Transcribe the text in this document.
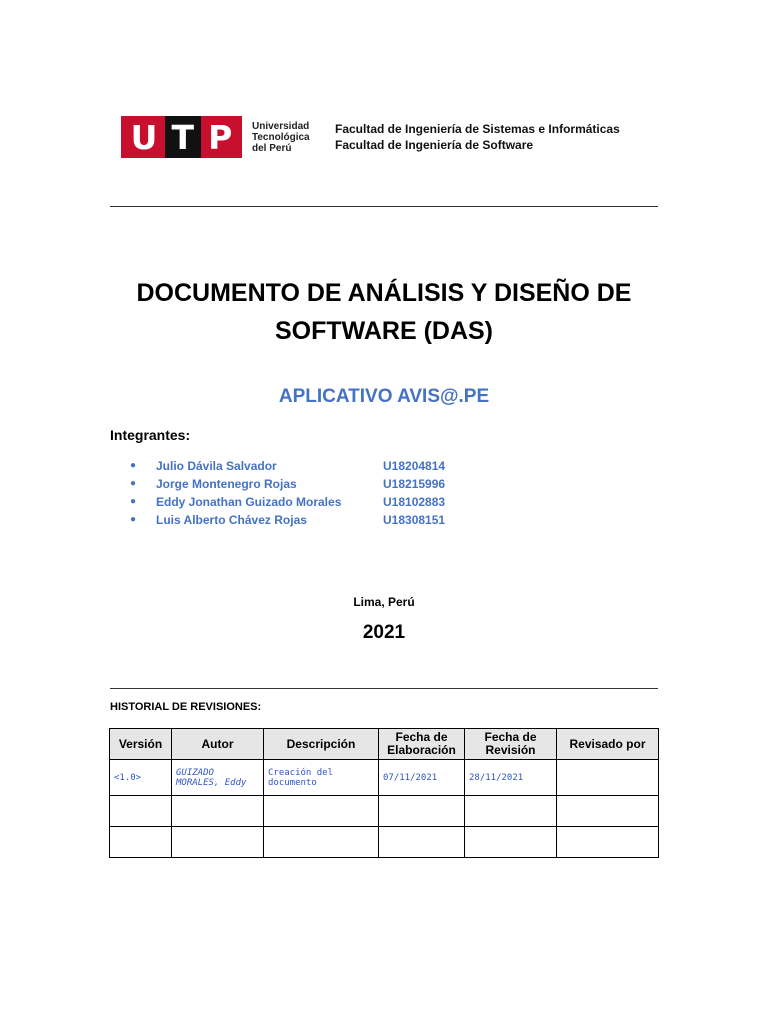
U T P Universidad
Tecnológica
del Perú
Facultad de Ingeniería de Sistemas e Informáticas
Facultad de Ingeniería de Software
DOCUMENTO DE ANÁLISIS Y DISEÑO DE
SOFTWARE (DAS)
APLICATIVO AVIS@.PE
Integrantes:
● Julio Dávila Salvador	U18204814
● Jorge Montenegro Rojas	U18215996
● Eddy Jonathan Guizado Morales	U18102883
● Luis Alberto Chávez Rojas	U18308151
Lima, Perú
2021
HISTORIAL DE REVISIONES:
Versión	Autor	Descripción	Fecha de Elaboración	Fecha de Revisión	Revisado por
<1.0>	GUIZADO MORALES, Eddy	Creación del documento	07/11/2021	28/11/2021	
